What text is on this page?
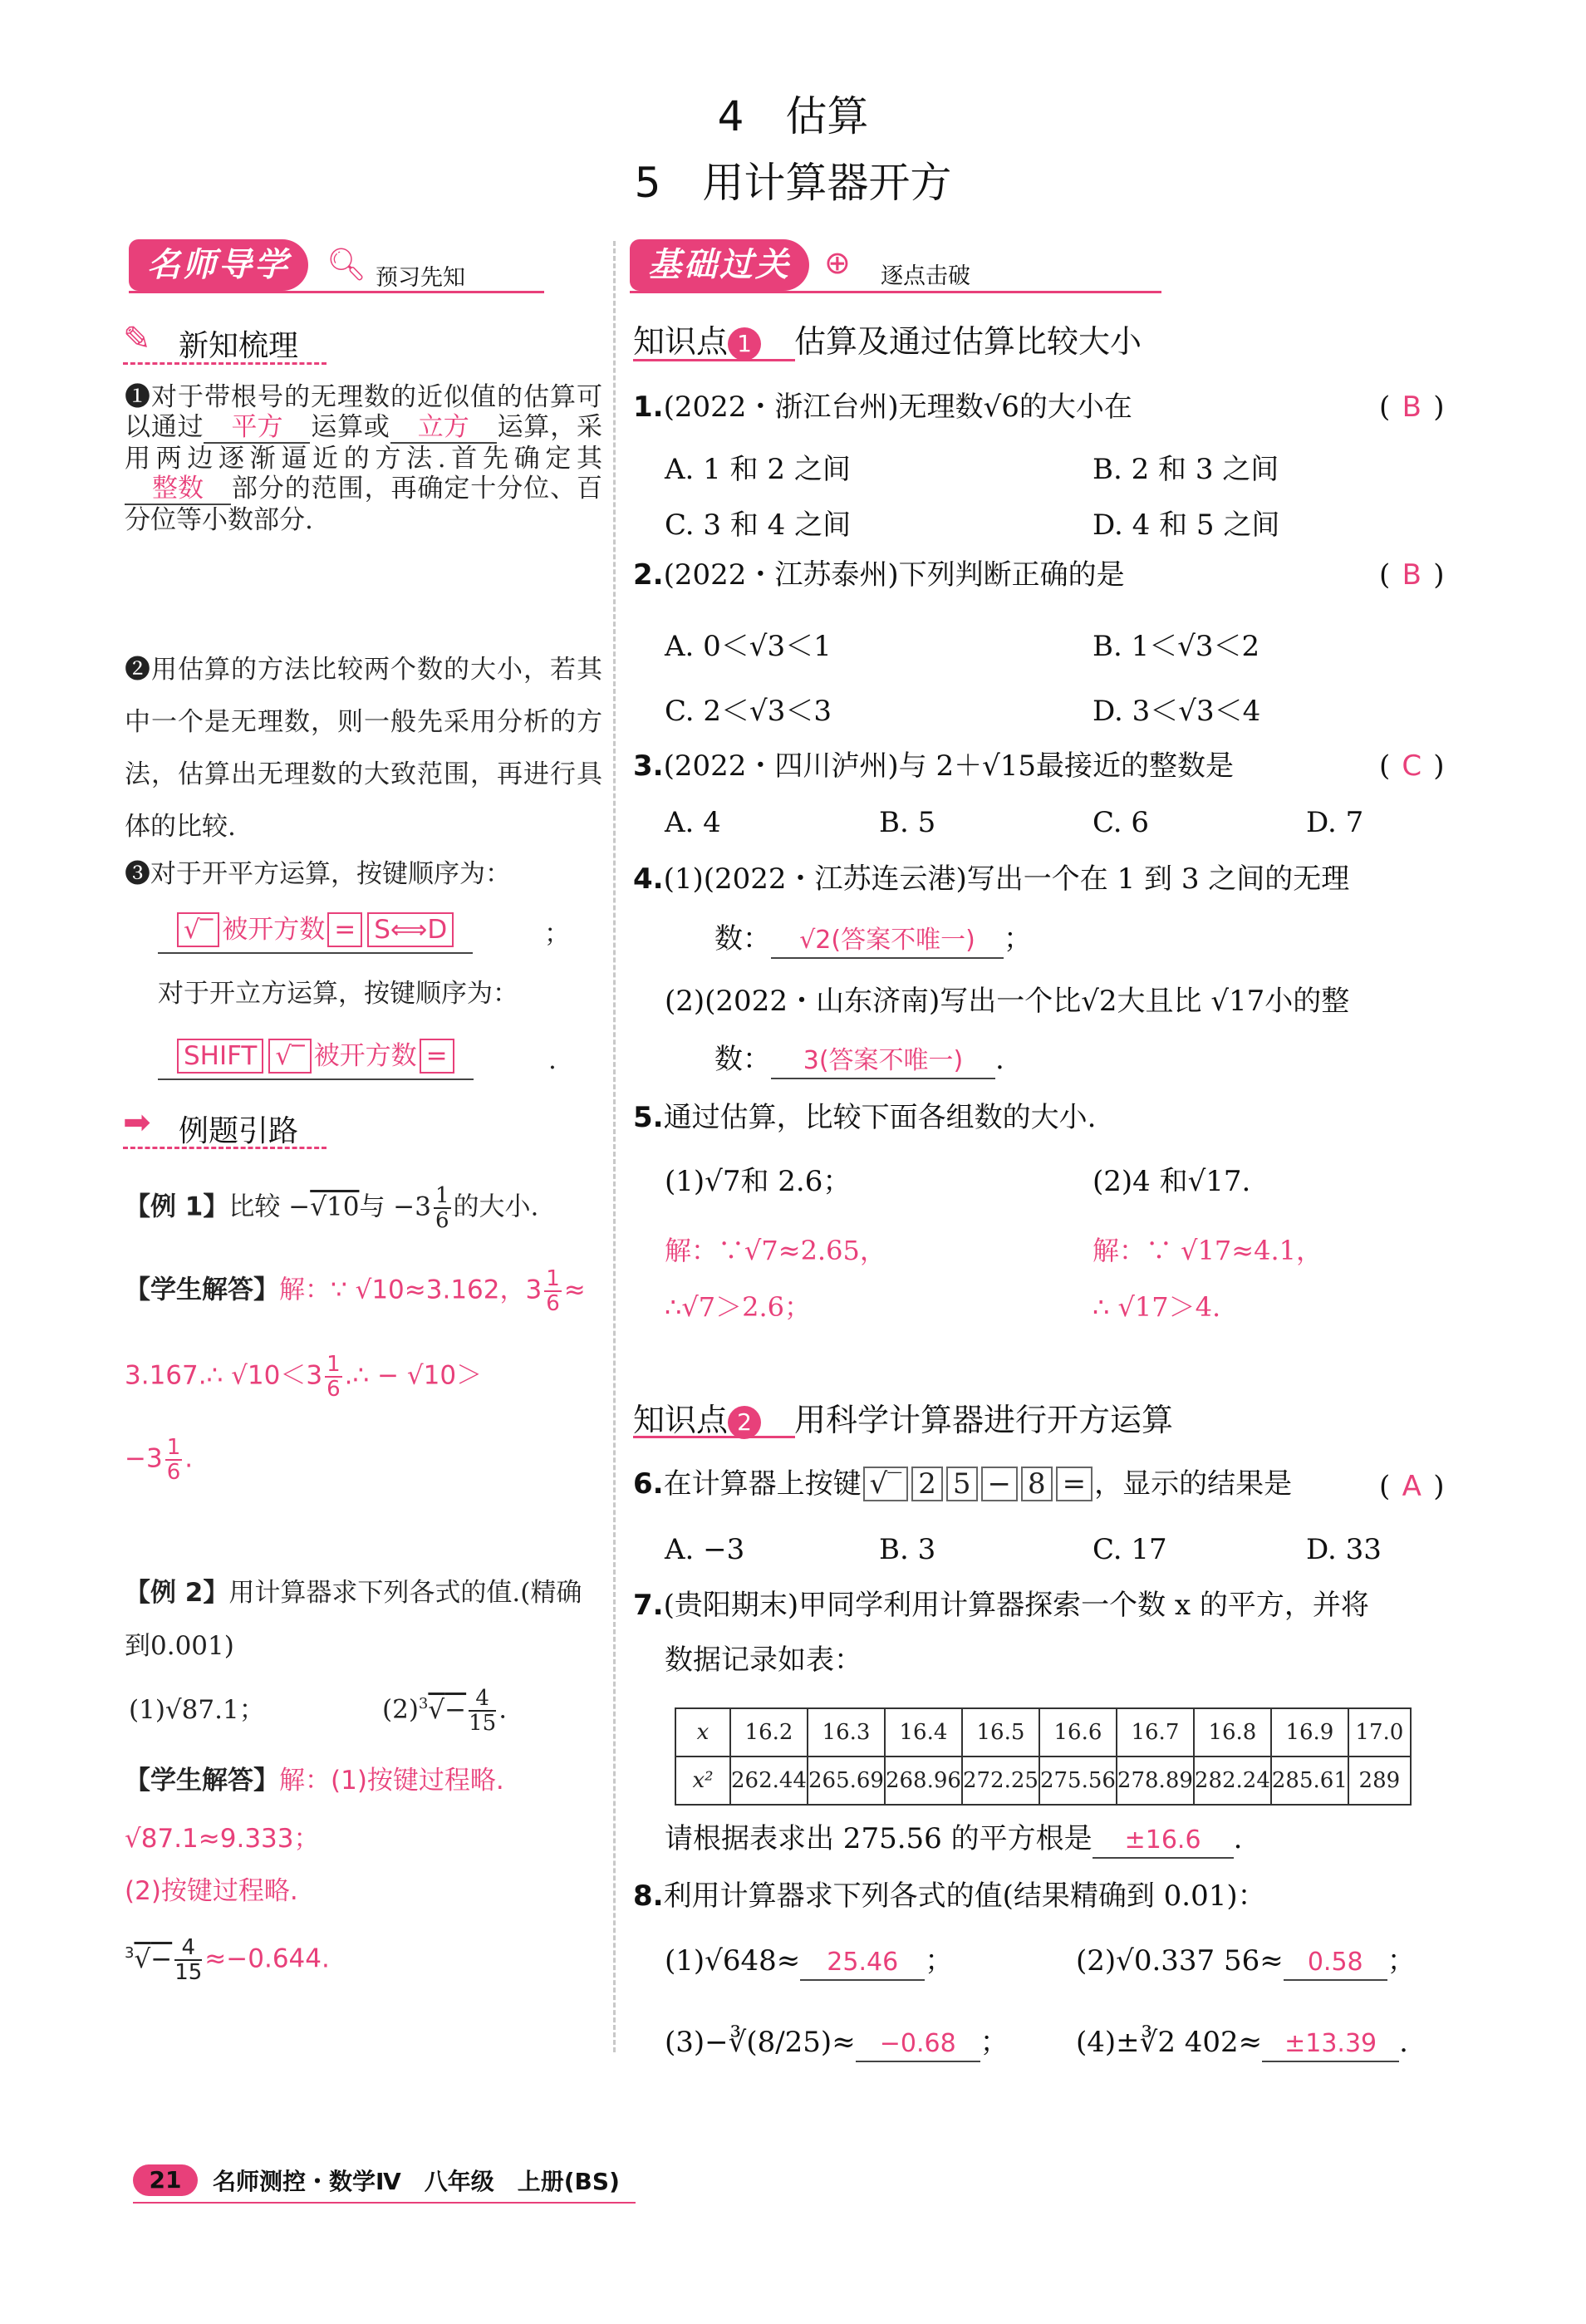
4　估算
5　用计算器开方
名师导学	🔍︎ 预习先知	基础过关	⊕ 逐点击破
✎ 新知梳理
❶对于带根号的无理数的近似值的估算可以通过 平方 运算或 立方 运算，采用两边逐渐逼近的方法.首先确定其整数 部分的范围，再确定十分位、百分位等小数部分.
❷用估算的方法比较两个数的大小，若其中一个是无理数，则一般先采用分析的方法，估算出无理数的大致范围，再进行具体的比较.
❸对于开平方运算，按键顺序为：
√‾ 被开方数 = S⟺D	；
对于开立方运算，按键顺序为：
SHIFT √‾ 被开方数 =	.
➡ 例题引路
【例 1】比较 −√10与 $-3 \frac{1}{6}$ 的大小.
【学生解答】解：∵ √10≈3.162，$3 \frac{1}{6}$ ≈
3.167.∴ $√10<3 \frac{1}{6}$ .∴ − √10＞
$-3 \frac{1}{6}$ .
【例 2】用计算器求下列各式的值.(精确到0.001)
(1)√87.1；	$(2)^3√- \frac{4}{15}$ .
【学生解答】解：(1)按键过程略.
√87.1≈9.333；
(2)按键过程略.
$^3√- \frac{4}{15} \approx-0.644$.
知识点 1 估算及通过估算比较大小
1.(2022・浙江台州)无理数√6的大小在	( B )
A. 1 和 2 之间	B. 2 和 3 之间
C. 3 和 4 之间	D. 4 和 5 之间
2.(2022・江苏泰州)下列判断正确的是	( B )
A. 0＜√3＜1	B. 1＜√3＜2
C. 2＜√3＜3	D. 3＜√3＜4
3.(2022・四川泸州)与 2＋√15最接近的整数是	( C )
A. 4	B. 5	C. 6	D. 7
4.(1)(2022・江苏连云港)写出一个在 1 到 3 之间的无理
数： √2(答案不唯一) ；
(2)(2022・山东济南)写出一个比√2大且比 √17小的整
数： 3(答案不唯一) .
5.通过估算，比较下面各组数的大小.
(1)√7和 2.6；	(2)4 和√17.
解：∵√7≈2.65，
∴√7＞2.6；
解：∵ √17≈4.1，
∴ √17＞4.
知识点 2 用科学计算器进行开方运算
6.在计算器上按键 √‾ 2 5 − 8 = ，显示的结果是	( A )
A. −3	B. 3	C. 17	D. 33
7.(贵阳期末)甲同学利用计算器探索一个数 x 的平方，并将
数据记录如表：
x	16.2	16.3	16.4	16.5	16.6	16.7	16.8	16.9	17.0
x²	262.44	265.69	268.96	272.25	275.56	278.89	282.24	285.61	289
请根据表求出 275.56 的平方根是 ±16.6 .
8.利用计算器求下列各式的值(结果精确到 0.01)：
(1)√648≈ 25.46 ；	(2)√0.337 56≈ 0.58 ；
(3)−∛(8/25)≈ −0.68 ； (4)±∛2 402≈ ±13.39 .
21	名师测控・数学Ⅳ　八年级　上册(BS)
